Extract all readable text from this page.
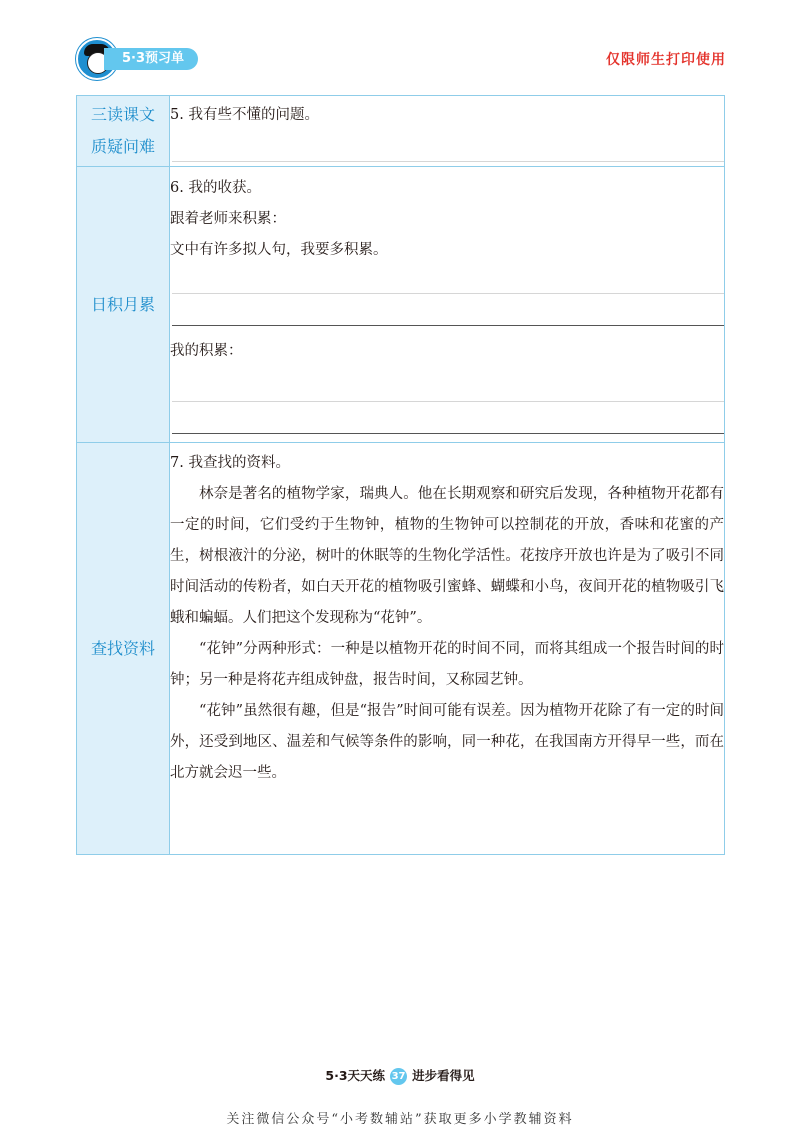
5·3预习单	仅限师生打印使用
三读课文
质疑问难	5. 我有些不懂的问题。

日积月累	6. 我的收获。
跟着老师来积累：
文中有许多拟人句，我要多积累。
我的积累：

查找资料	7. 我查找的资料。
林奈是著名的植物学家，瑞典人。他在长期观察和研究后发现，各种植物开花都有一定的时间，它们受约于生物钟，植物的生物钟可以控制花的开放，香味和花蜜的产生，树根液汁的分泌，树叶的休眠等的生物化学活性。花按序开放也许是为了吸引不同时间活动的传粉者，如白天开花的植物吸引蜜蜂、蝴蝶和小鸟，夜间开花的植物吸引飞蛾和蝙蝠。人们把这个发现称为“花钟”。
“花钟”分两种形式：一种是以植物开花的时间不同，而将其组成一个报告时间的时钟；另一种是将花卉组成钟盘，报告时间，又称园艺钟。
“花钟”虽然很有趣，但是“报告”时间可能有误差。因为植物开花除了有一定的时间外，还受到地区、温差和气候等条件的影响，同一种花，在我国南方开得早一些，而在北方就会迟一些。
5·3天天练 37 进步看得见
关注微信公众号“小考数辅站”获取更多小学教辅资料
